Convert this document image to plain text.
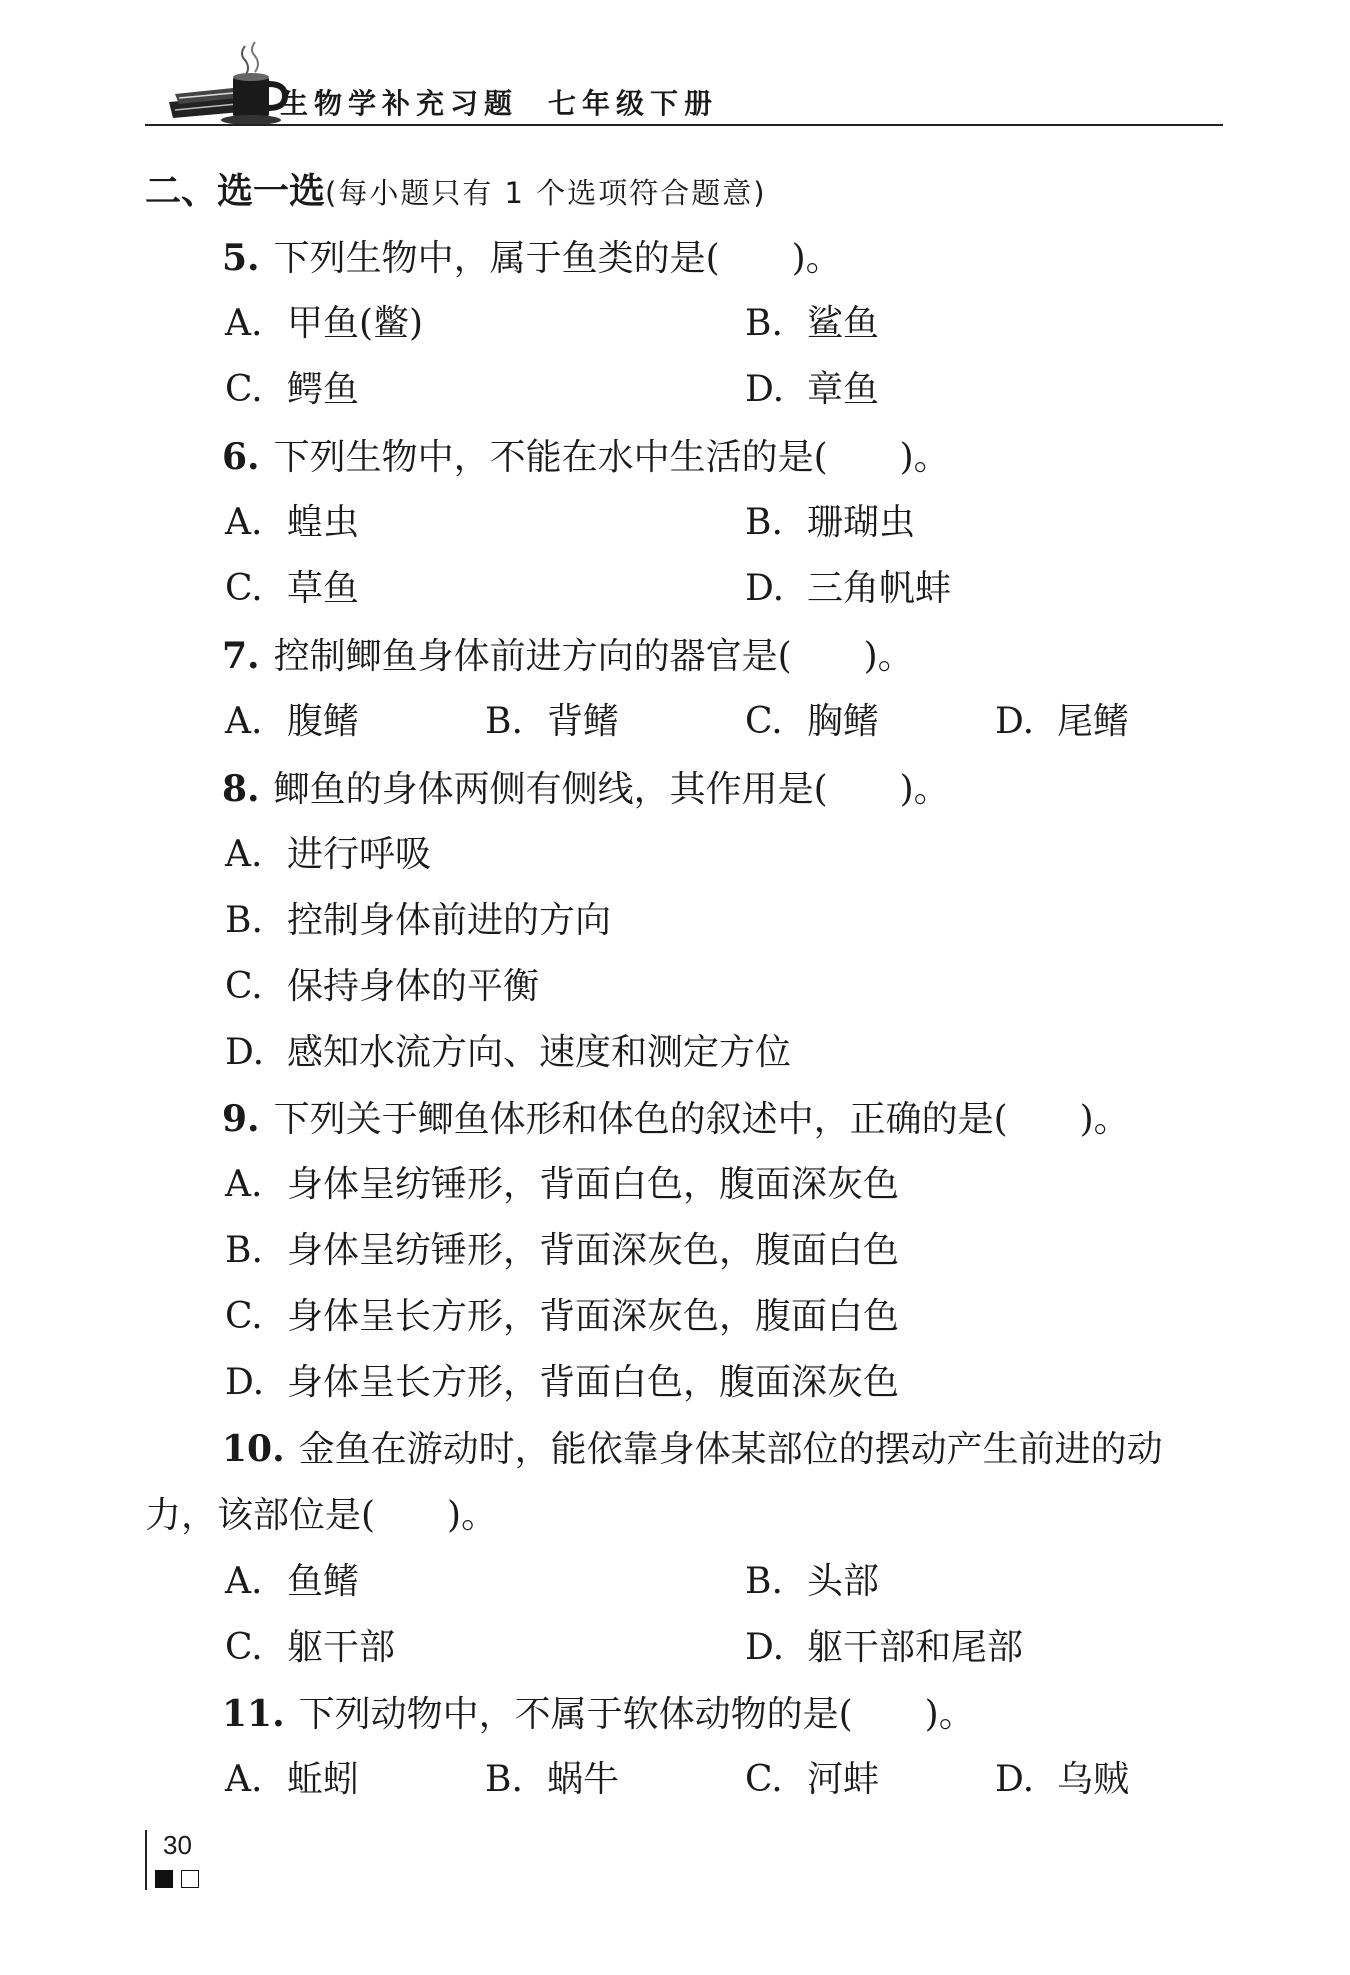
生物学补充习题 七年级下册
二、选一选(每小题只有 1 个选项符合题意)
5. 下列生物中，属于鱼类的是(　　)。
A. 甲鱼(鳖)	B. 鲨鱼
C. 鳄鱼	D. 章鱼
6. 下列生物中，不能在水中生活的是(　　)。
A. 蝗虫	B. 珊瑚虫
C. 草鱼	D. 三角帆蚌
7. 控制鲫鱼身体前进方向的器官是(　　)。
A. 腹鳍	B. 背鳍	C. 胸鳍	D. 尾鳍
8. 鲫鱼的身体两侧有侧线，其作用是(　　)。
A. 进行呼吸
B. 控制身体前进的方向
C. 保持身体的平衡
D. 感知水流方向、速度和测定方位
9. 下列关于鲫鱼体形和体色的叙述中，正确的是(　　)。
A. 身体呈纺锤形，背面白色，腹面深灰色
B. 身体呈纺锤形，背面深灰色，腹面白色
C. 身体呈长方形，背面深灰色，腹面白色
D. 身体呈长方形，背面白色，腹面深灰色
10. 金鱼在游动时，能依靠身体某部位的摆动产生前进的动
力，该部位是(　　)。
A. 鱼鳍	B. 头部
C. 躯干部	D. 躯干部和尾部
11. 下列动物中，不属于软体动物的是(　　)。
A. 蚯蚓	B. 蜗牛	C. 河蚌	D. 乌贼
30
